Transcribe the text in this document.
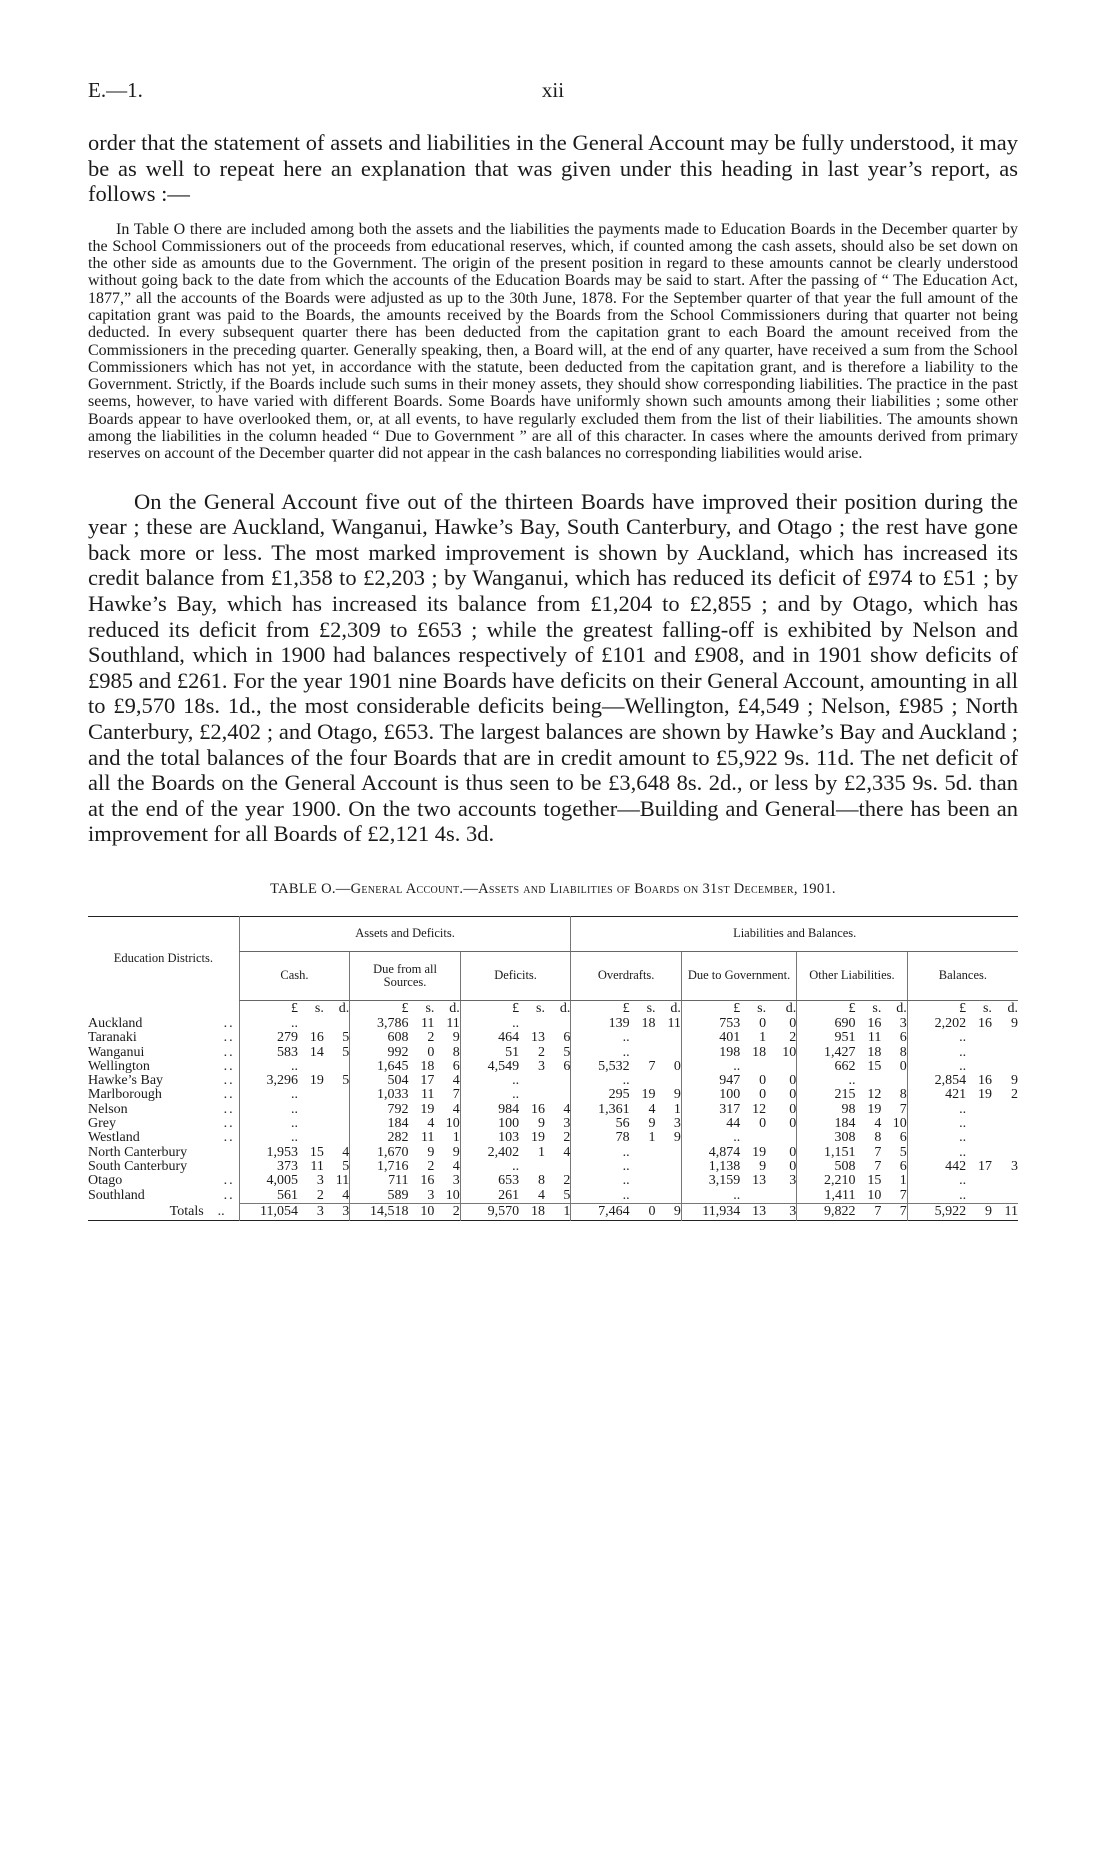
E.—1.	xii

order that the statement of assets and liabilities in the General Account may be fully understood, it may be as well to repeat here an explanation that was given under this heading in last year’s report, as follows :—

In Table O there are included among both the assets and the liabilities the payments made to Education Boards in the December quarter by the School Commissioners out of the proceeds from educational reserves, which, if counted among the cash assets, should also be set down on the other side as amounts due to the Government. The origin of the present position in regard to these amounts cannot be clearly understood without going back to the date from which the accounts of the Education Boards may be said to start. After the passing of “ The Education Act, 1877,” all the accounts of the Boards were adjusted as up to the 30th June, 1878. For the September quarter of that year the full amount of the capitation grant was paid to the Boards, the amounts received by the Boards from the School Commissioners during that quarter not being deducted. In every subsequent quarter there has been deducted from the capitation grant to each Board the amount received from the Commissioners in the preceding quarter. Generally speaking, then, a Board will, at the end of any quarter, have received a sum from the School Commissioners which has not yet, in accordance with the statute, been deducted from the capitation grant, and is therefore a liability to the Government. Strictly, if the Boards include such sums in their money assets, they should show corresponding liabilities. The practice in the past seems, however, to have varied with different Boards. Some Boards have uniformly shown such amounts among their liabilities ; some other Boards appear to have overlooked them, or, at all events, to have regularly excluded them from the list of their liabilities. The amounts shown among the liabilities in the column headed “ Due to Government ” are all of this character. In cases where the amounts derived from primary reserves on account of the December quarter did not appear in the cash balances no corresponding liabilities would arise.

On the General Account five out of the thirteen Boards have improved their position during the year ; these are Auckland, Wanganui, Hawke’s Bay, South Canterbury, and Otago ; the rest have gone back more or less. The most marked improvement is shown by Auckland, which has increased its credit balance from £1,358 to £2,203 ; by Wanganui, which has reduced its deficit of £974 to £51 ; by Hawke’s Bay, which has increased its balance from £1,204 to £2,855 ; and by Otago, which has reduced its deficit from £2,309 to £653 ; while the greatest falling-off is exhibited by Nelson and Southland, which in 1900 had balances respectively of £101 and £908, and in 1901 show deficits of £985 and £261. For the year 1901 nine Boards have deficits on their General Account, amounting in all to £9,570 18s. 1d., the most considerable deficits being—Wellington, £4,549 ; Nelson, £985 ; North Canterbury, £2,402 ; and Otago, £653. The largest balances are shown by Hawke’s Bay and Auckland ; and the total balances of the four Boards that are in credit amount to £5,922 9s. 11d. The net deficit of all the Boards on the General Account is thus seen to be £3,648 8s. 2d., or less by £2,335 9s. 5d. than at the end of the year 1900. On the two accounts together—Building and General—there has been an improvement for all Boards of £2,121 4s. 3d.

TABLE O.—General Account.—Assets and Liabilities of Boards on 31st December, 1901.
Education Districts.	Assets and Deficits.									Liabilities and Balances.											
	Cash.			Due from all Sources.			Deficits.			Overdrafts.			Due to Government.			Other Liabilities.			Balances.		
	£	s.	d.	£	s.	d.	£	s.	d.	£	s.	d.	£	s.	d.	£	s.	d.	£	s.	d.
Auckland ..	..			3,786	11	11	..			139	18	11	753	0	0	690	16	3	2,202	16	9
Taranaki ..	279	16	5	608	2	9	464	13	6	..			401	1	2	951	11	6	..		
Wanganui ..	583	14	5	992	0	8	51	2	5	..			198	18	10	1,427	18	8	..		
Wellington ..	..			1,645	18	6	4,549	3	6	5,532	7	0	..			662	15	0	..		
Hawke’s Bay ..	3,296	19	5	504	17	4	..			..			947	0	0	..			2,854	16	9
Marlborough ..	..			1,033	11	7	..			295	19	9	100	0	0	215	12	8	421	19	2
Nelson ..	..			792	19	4	984	16	4	1,361	4	1	317	12	0	98	19	7	..		
Grey ..	..			184	4	10	100	9	3	56	9	3	44	0	0	184	4	10	..		
Westland ..	..			282	11	1	103	19	2	78	1	9	..			308	8	6	..		
North Canterbury	1,953	15	4	1,670	9	9	2,402	1	4	..			4,874	19	0	1,151	7	5	..		
South Canterbury	373	11	5	1,716	2	4	..			..			1,138	9	0	508	7	6	442	17	3
Otago ..	4,005	3	11	711	16	3	653	8	2	..			3,159	13	3	2,210	15	1	..		
Southland ..	561	2	4	589	3	10	261	4	5	..			..			1,411	10	7	..		
Totals ..	11,054	3	3	14,518	10	2	9,570	18	1	7,464	0	9	11,934	13	3	9,822	7	7	5,922	9	11
